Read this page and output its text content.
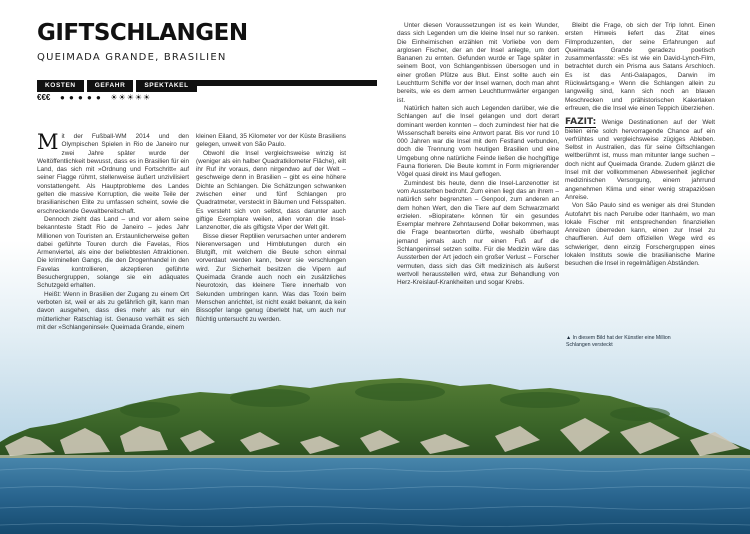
GIFTSCHLANGEN
QUEIMADA GRANDE, BRASILIEN
KOSTEN	GEFAHR	SPEKTAKEL
€€€ ● ● ● ● ● ☀☀☀☀☀

Mit der Fußball-WM 2014 und den Olympischen Spielen in Rio de Janeiro nur zwei Jahre später wurde der Weltöffentlichkeit bewusst, dass es in Brasilien für ein Land, das sich mit »Ordnung und Fortschritt« auf seiner Flagge rühmt, stellenweise äußert unzivilisiert vonstattengeht. Als Hauptprobleme des Landes gelten die massive Korruption, die weite Teile der brasilianischen Elite zu umfassen scheint, sowie die erschreckende Gewaltbereitschaft.

Dennoch zieht das Land – und vor allem seine bekannteste Stadt Rio de Janeiro – jedes Jahr Millionen von Touristen an. Erstaunlicherweise gelten dabei geführte Touren durch die Favelas, Rios Armenviertel, als eine der beliebtesten Attraktionen. Die kriminellen Gangs, die den Drogenhandel in den Favelas kontrollieren, akzeptieren geführte Besuchergruppen, solange sie ein adäquates Schutzgeld erhalten.

Heißt: Wenn in Brasilien der Zugang zu einem Ort verboten ist, weil er als zu gefährlich gilt, kann man davon ausgehen, dass dies mehr als nur ein mütterlicher Ratschlag ist. Genauso verhält es sich mit der »Schlangeninsel« Queimada Grande, einem

kleinen Eiland, 35 Kilometer vor der Küste Brasiliens gelegen, unweit von São Paulo.

Obwohl die Insel vergleichsweise winzig ist (weniger als ein halber Quadratkilometer Fläche), eilt ihr Ruf ihr voraus, denn nirgendwo auf der Welt – geschweige denn in Brasilien – gibt es eine höhere Dichte an Schlangen. Die Schätzungen schwanken zwischen einer und fünf Schlangen pro Quadratmeter, versteckt in Bäumen und Felsspalten. Es versteht sich von selbst, dass darunter auch giftige Exemplare weilen, allen voran die Insel-Lanzenotter, die als giftigste Viper der Welt gilt.

Bisse dieser Reptilien verursachen unter anderem Nierenversagen und Hirnblutungen durch ein Blutgift, mit welchem die Beute schon einmal vorverdaut werden kann, bevor sie verschlungen wird. Zur Sicherheit besitzen die Vipern auf Queimada Grande auch noch ein zusätzliches Neurotoxin, das kleinere Tiere innerhalb von Sekunden umbringen kann. Was das Toxin beim Menschen anrichtet, ist nicht exakt bekannt, da kein Bissopfer lange genug überlebt hat, um auch nur flüchtig untersucht zu werden.

Unter diesen Voraussetzungen ist es kein Wunder, dass sich Legenden um die kleine Insel nur so ranken. Die Einheimischen erzählen mit Vorliebe von dem arglosen Fischer, der an der Insel anlegte, um dort Bananen zu ernten. Gefunden wurde er Tage später in seinem Boot, von Schlangenbissen übersogen und in einer großen Pfütze aus Blut. Einst sollte auch ein Leuchtturm Schiffe vor der Insel warnen, doch man ahnt bereits, wie es dem armen Leuchtturmwärter ergangen ist.

Natürlich halten sich auch Legenden darüber, wie die Schlangen auf die Insel gelangen und dort derart dominant werden konnten – doch zumindest hier hat die Wissenschaft bereits eine Antwort parat. Bis vor rund 10 000 Jahren war die Insel mit dem Festland verbunden, doch die Trennung vom heutigen Brasilien und eine Umgebung ohne natürliche Feinde ließen die hochgiftige Fauna florieren. Die Beute kommt in Form migrierender Vögel quasi direkt ins Maul geflogen.

Zumindest bis heute, denn die Insel-Lanzenotter ist vom Aussterben bedroht. Zum einen liegt das an ihrem – natürlich sehr begrenzten – Genpool, zum anderen an dem hohen Wert, den die Tiere auf dem Schwarzmarkt erzielen. »Biopiraten« können für ein gesundes Exemplar mehrere Zehntausend Dollar bekommen, was die Frage beantworten dürfte, weshalb überhaupt jemand jemals auch nur einen Fuß auf die Schlangeninsel setzen sollte. Für die Medizin wäre das Aussterben der Art jedoch ein großer Verlust – Forscher vermuten, dass sich das Gift medizinisch als äußerst wertvoll herausstellen wird, etwa zur Behandlung von Herz-Kreislauf-Krankheiten und sogar Krebs.

Bleibt die Frage, ob sich der Trip lohnt. Einen ersten Hinweis liefert das Zitat eines Filmproduzenten, der seine Erfahrungen auf Queimada Grande geradezu poetisch zusammenfasste: »Es ist wie ein David-Lynch-Film, betrachtet durch ein Prisma aus Satans Arschloch. Es ist das Anti-Galapagos, Darwin im Rückwärtsgang.« Wenn die Schlangen allein zu langweilig sind, kann sich noch an blauen Meschrecken und prähistorischen Kakerlaken erfreuen, die die Insel wie einen Teppich überziehen.

FAZIT: Wenige Destinationen auf der Welt bieten eine solch hervorragende Chance auf ein verfrühtes und vergleichsweise zügiges Ableben. Selbst in Australien, das für seine Giftschlangen weltberühmt ist, muss man mitunter lange suchen – doch nicht auf Queimada Grande. Zudem glänzt die Insel mit der vollkommenen Abwesenheit jeglicher medizinischen Versorgung, einem jahrrund angenehmen Klima und einer wenig strapaziösen Anreise.

Von São Paulo sind es weniger als drei Stunden Autofahrt bis nach Peruíbe oder Itanhaém, wo man lokale Fischer mit entsprechenden finanziellen Anreizen überreden kann, einen zur Insel zu chauffieren. Auf dem offiziellen Wege wird es schwieriger, denn einzig Forschergruppen eines lokalen Instituts sowie die brasilianische Marine besuchen die Insel in regelmäßigen Abständen.

▲ In diesem Bild hat der Künstler eine Million Schlangen versteckt
